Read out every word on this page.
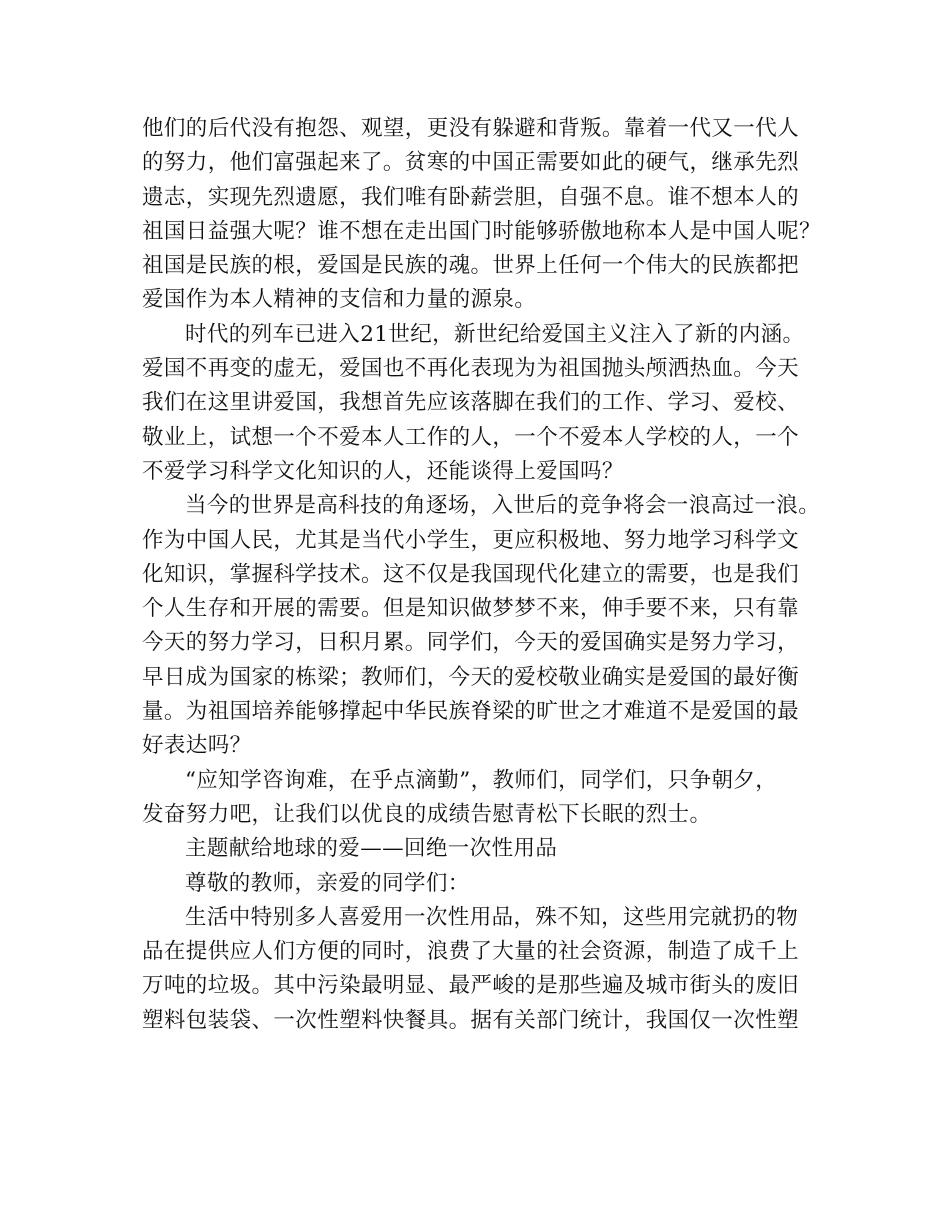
他们的后代没有抱怨、观望，更没有躲避和背叛。靠着一代又一代人
的努力，他们富强起来了。贫寒的中国正需要如此的硬气，继承先烈
遗志，实现先烈遗愿，我们唯有卧薪尝胆，自强不息。谁不想本人的
祖国日益强大呢？谁不想在走出国门时能够骄傲地称本人是中国人呢？
祖国是民族的根，爱国是民族的魂。世界上任何一个伟大的民族都把
爱国作为本人精神的支信和力量的源泉。

时代的列车已进入21世纪，新世纪给爱国主义注入了新的内涵。
爱国不再变的虚无，爱国也不再化表现为为祖国抛头颅洒热血。今天
我们在这里讲爱国，我想首先应该落脚在我们的工作、学习、爱校、
敬业上，试想一个不爱本人工作的人，一个不爱本人学校的人，一个
不爱学习科学文化知识的人，还能谈得上爱国吗？

当今的世界是高科技的角逐场，入世后的竞争将会一浪高过一浪。
作为中国人民，尤其是当代小学生，更应积极地、努力地学习科学文
化知识，掌握科学技术。这不仅是我国现代化建立的需要，也是我们
个人生存和开展的需要。但是知识做梦梦不来，伸手要不来，只有靠
今天的努力学习，日积月累。同学们，今天的爱国确实是努力学习，
早日成为国家的栋梁；教师们，今天的爱校敬业确实是爱国的最好衡
量。为祖国培养能够撑起中华民族脊梁的旷世之才难道不是爱国的最
好表达吗？

“应知学咨询难，在乎点滴勤”，教师们，同学们，只争朝夕，
发奋努力吧，让我们以优良的成绩告慰青松下长眠的烈士。

主题献给地球的爱——回绝一次性用品

尊敬的教师，亲爱的同学们：

生活中特别多人喜爱用一次性用品，殊不知，这些用完就扔的物
品在提供应人们方便的同时，浪费了大量的社会资源，制造了成千上
万吨的垃圾。其中污染最明显、最严峻的是那些遍及城市街头的废旧
塑料包装袋、一次性塑料快餐具。据有关部门统计，我国仅一次性塑
